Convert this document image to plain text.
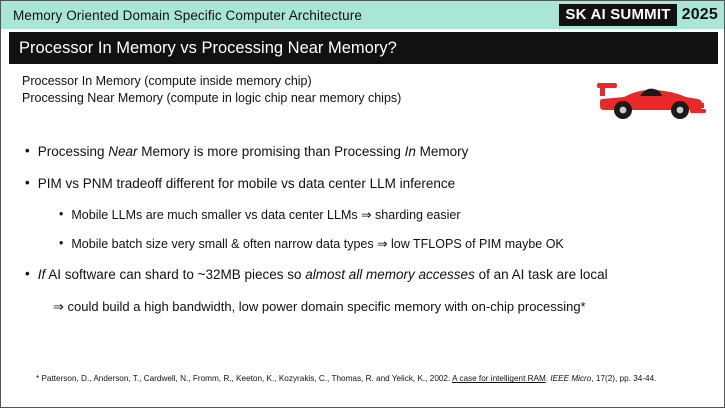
Memory Oriented Domain Specific Computer Architecture	SK AI SUMMIT 2025
Processor In Memory vs Processing Near Memory?
Processor In Memory (compute inside memory chip)
Processing Near Memory (compute in logic chip near memory chips)
• Processing Near Memory is more promising than Processing In Memory
• PIM vs PNM tradeoff different for mobile vs data center LLM inference
• Mobile LLMs are much smaller vs data center LLMs ⇒ sharding easier
• Mobile batch size very small & often narrow data types ⇒ low TFLOPS of PIM maybe OK
• If AI software can shard to ~32MB pieces so almost all memory accesses of an AI task are local
⇒ could build a high bandwidth, low power domain specific memory with on-chip processing*
* Patterson, D., Anderson, T., Cardwell, N., Fromm, R., Keeton, K., Kozyrakis, C., Thomas, R. and Yelick, K., 2002. A case for intelligent RAM. IEEE Micro, 17(2), pp. 34-44.
